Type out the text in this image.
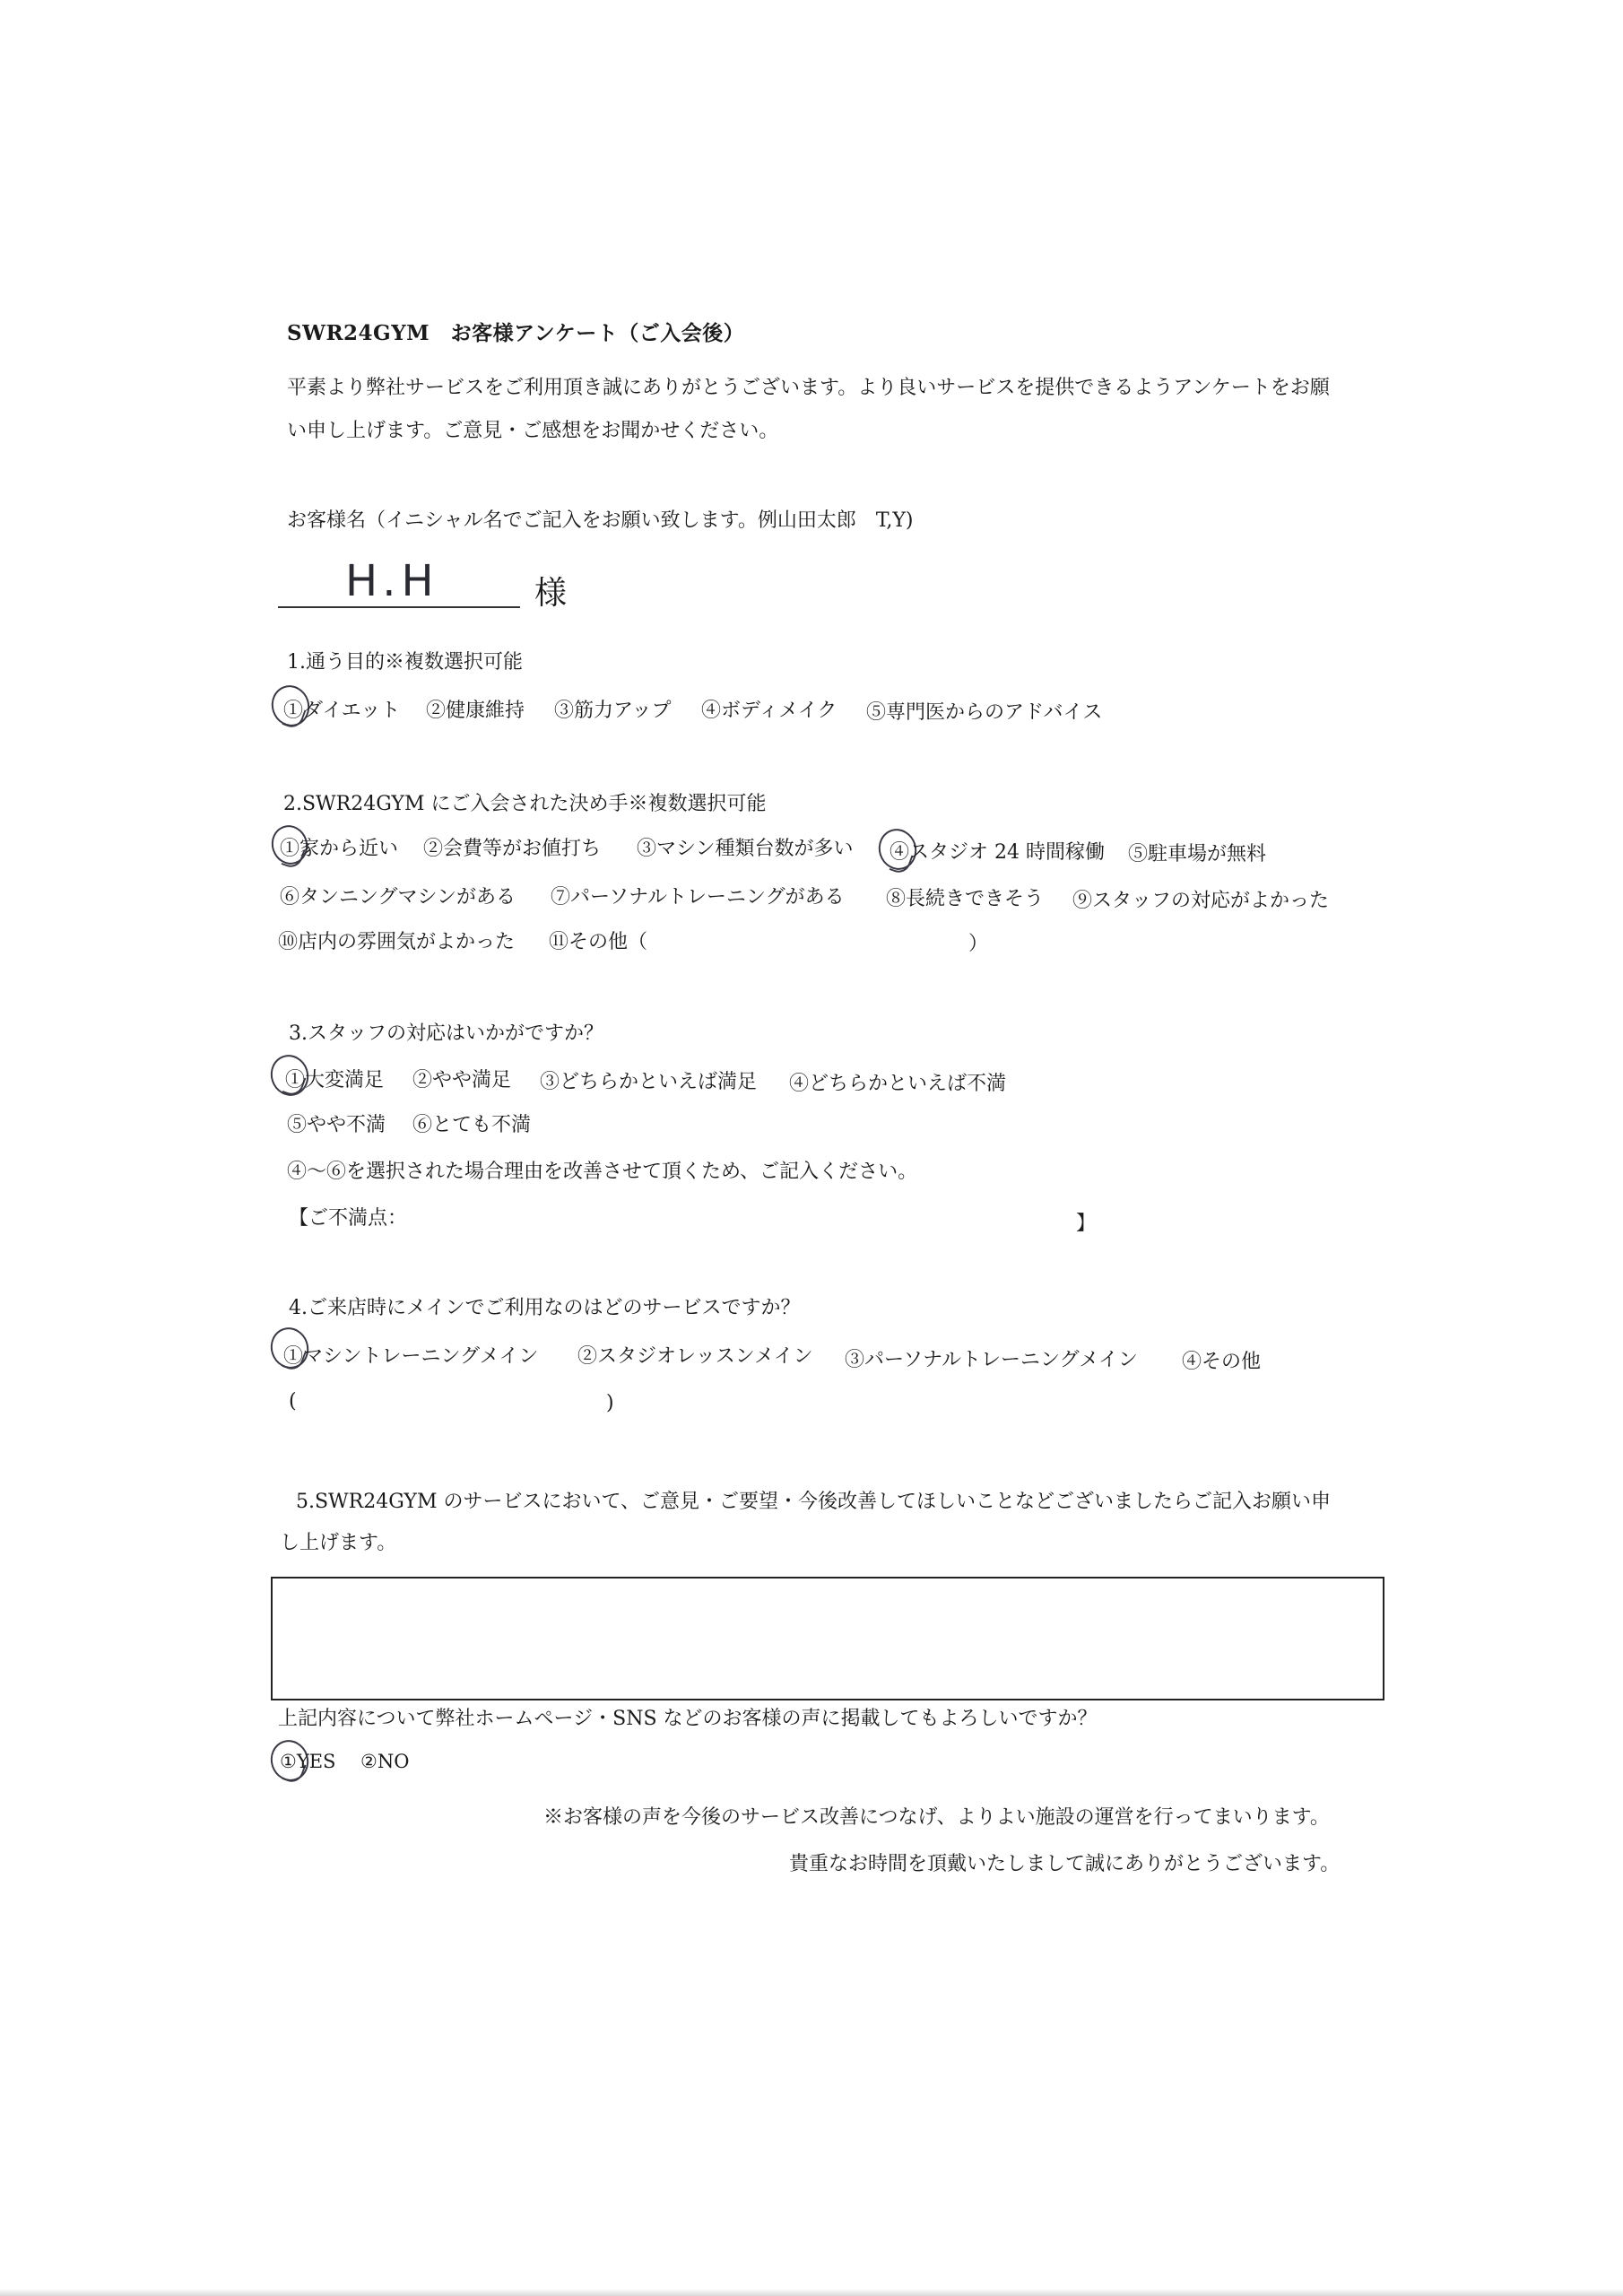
SWR24GYM　お客様アンケート（ご入会後）
平素より弊社サービスをご利用頂き誠にありがとうございます。より良いサービスを提供できるようアンケートをお願
い申し上げます。ご意見・ご感想をお聞かせください。
お客様名（イニシャル名でご記入をお願い致します。例山田太郎　T,Y)
H.H	様
1.通う目的※複数選択可能
①ダイエット ②健康維持 ③筋力アップ ④ボディメイク ⑤専門医からのアドバイス
2.SWR24GYM にご入会された決め手※複数選択可能
①家から近い ②会費等がお値打ち ③マシン種類台数が多い ④スタジオ 24 時間稼働 ⑤駐車場が無料
⑥タンニングマシンがある ⑦パーソナルトレーニングがある ⑧長続きできそう ⑨スタッフの対応がよかった
⑩店内の雰囲気がよかった ⑪その他（	）
3.スタッフの対応はいかがですか？
①大変満足 ②やや満足 ③どちらかといえば満足 ④どちらかといえば不満
⑤やや不満 ⑥とても不満
④～⑥を選択された場合理由を改善させて頂くため、ご記入ください。
【ご不満点：	】
4.ご来店時にメインでご利用なのはどのサービスですか？
①マシントレーニングメイン ②スタジオレッスンメイン ③パーソナルトレーニングメイン ④その他
(	)
5.SWR24GYM のサービスにおいて、ご意見・ご要望・今後改善してほしいことなどございましたらご記入お願い申
し上げます。
上記内容について弊社ホームページ・SNS などのお客様の声に掲載してもよろしいですか？
①YES ②NO
※お客様の声を今後のサービス改善につなげ、よりよい施設の運営を行ってまいります。
貴重なお時間を頂戴いたしまして誠にありがとうございます。
